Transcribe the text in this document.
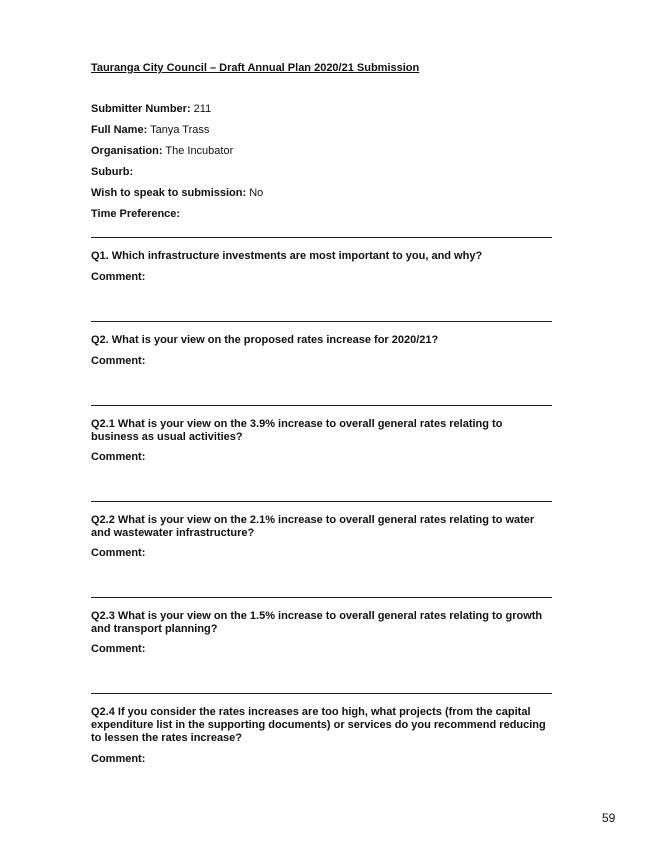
Tauranga City Council – Draft Annual Plan 2020/21 Submission
Submitter Number: 211
Full Name: Tanya Trass
Organisation: The Incubator
Suburb:
Wish to speak to submission: No
Time Preference:
Q1. Which infrastructure investments are most important to you, and why?
Comment:
Q2. What is your view on the proposed rates increase for 2020/21?
Comment:
Q2.1 What is your view on the 3.9% increase to overall general rates relating to business as usual activities?
Comment:
Q2.2 What is your view on the 2.1% increase to overall general rates relating to water and wastewater infrastructure?
Comment:
Q2.3 What is your view on the 1.5% increase to overall general rates relating to growth and transport planning?
Comment:
Q2.4 If you consider the rates increases are too high, what projects (from the capital expenditure list in the supporting documents) or services do you recommend reducing to lessen the rates increase?
Comment:
59
